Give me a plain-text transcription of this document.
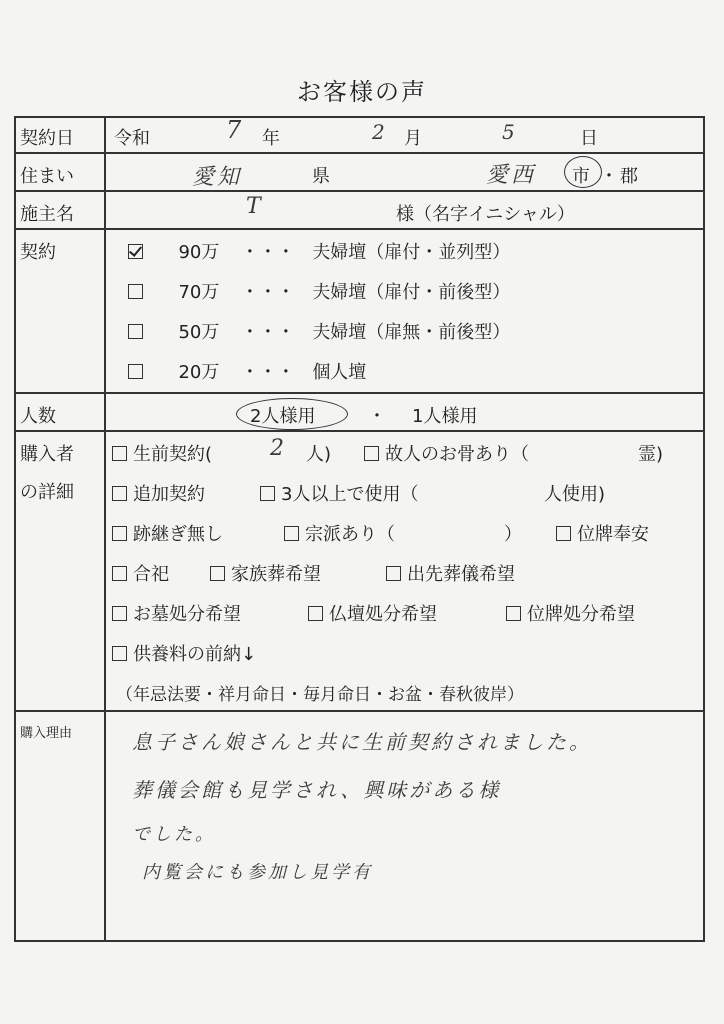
お客様の声
契約日	令和	7 年	2 月	5	日
住まい	愛知	県	愛西 市 ・ 郡
施主名	T	様（名字イニシャル）
契約	90万 ・・・ 夫婦壇（扉付・並列型）
70万 ・・・ 夫婦壇（扉付・前後型）
50万 ・・・ 夫婦壇（扉無・前後型）
20万 ・・・ 個人壇
人数	2人様用	・ 1人様用
購入者
の詳細
生前契約(	2 人)	故人のお骨あり（	霊)
追加契約	3人以上で使用（	人使用)
跡継ぎ無し	宗派あり（	）	位牌奉安
合祀	家族葬希望	出先葬儀希望
お墓処分希望	仏壇処分希望	位牌処分希望
供養料の前納↓
（年忌法要・祥月命日・毎月命日・お盆・春秋彼岸）
購入理由	息子さん娘さんと共に生前契約されました。
葬儀会館も見学され、興味がある様
でした。
内覧会にも参加し見学有
